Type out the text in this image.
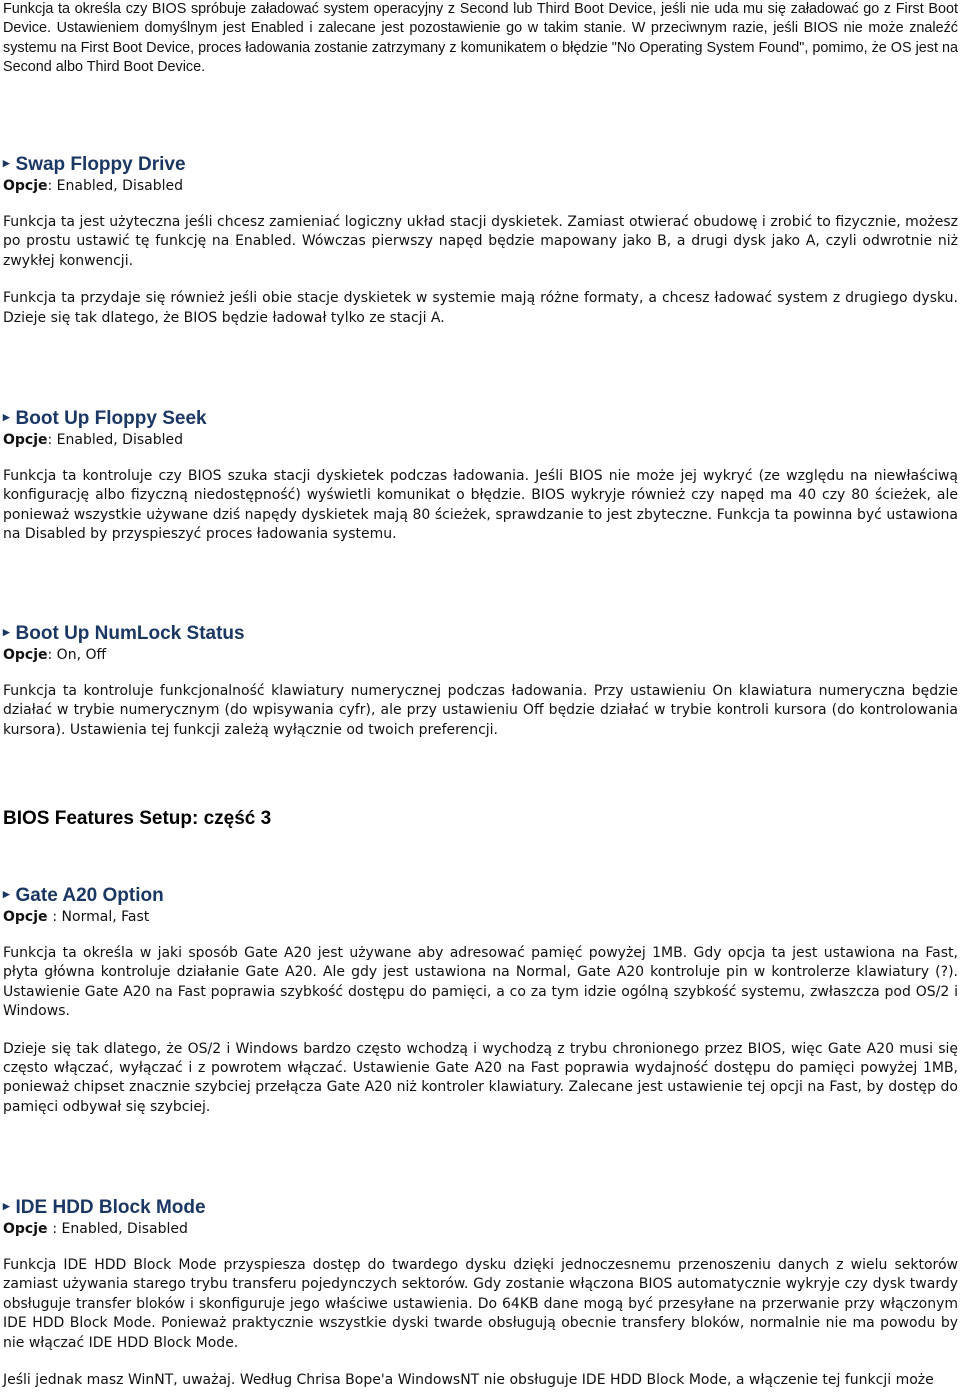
Funkcja ta określa czy BIOS spróbuje załadować system operacyjny z Second lub Third Boot Device, jeśli nie uda mu się załadować go z First Boot Device. Ustawieniem domyślnym jest Enabled i zalecane jest pozostawienie go w takim stanie. W przeciwnym razie, jeśli BIOS nie może znaleźć systemu na First Boot Device, proces ładowania zostanie zatrzymany z komunikatem o błędzie "No Operating System Found", pomimo, że OS jest na Second albo Third Boot Device.

▸ Swap Floppy Drive
Opcje: Enabled, Disabled

Funkcja ta jest użyteczna jeśli chcesz zamieniać logiczny układ stacji dyskietek. Zamiast otwierać obudowę i zrobić to fizycznie, możesz po prostu ustawić tę funkcję na Enabled. Wówczas pierwszy napęd będzie mapowany jako B, a drugi dysk jako A, czyli odwrotnie niż zwykłej konwencji.

Funkcja ta przydaje się również jeśli obie stacje dyskietek w systemie mają różne formaty, a chcesz ładować system z drugiego dysku. Dzieje się tak dlatego, że BIOS będzie ładował tylko ze stacji A.

▸ Boot Up Floppy Seek
Opcje: Enabled, Disabled

Funkcja ta kontroluje czy BIOS szuka stacji dyskietek podczas ładowania. Jeśli BIOS nie może jej wykryć (ze względu na niewłaściwą konfigurację albo fizyczną niedostępność) wyświetli komunikat o błędzie. BIOS wykryje również czy napęd ma 40 czy 80 ścieżek, ale ponieważ wszystkie używane dziś napędy dyskietek mają 80 ścieżek, sprawdzanie to jest zbyteczne. Funkcja ta powinna być ustawiona na Disabled by przyspieszyć proces ładowania systemu.

▸ Boot Up NumLock Status
Opcje: On, Off

Funkcja ta kontroluje funkcjonalność klawiatury numerycznej podczas ładowania. Przy ustawieniu On klawiatura numeryczna będzie działać w trybie numerycznym (do wpisywania cyfr), ale przy ustawieniu Off będzie działać w trybie kontroli kursora (do kontrolowania kursora). Ustawienia tej funkcji zależą wyłącznie od twoich preferencji.

BIOS Features Setup: część 3
▸ Gate A20 Option
Opcje : Normal, Fast

Funkcja ta określa w jaki sposób Gate A20 jest używane aby adresować pamięć powyżej 1MB. Gdy opcja ta jest ustawiona na Fast, płyta główna kontroluje działanie Gate A20. Ale gdy jest ustawiona na Normal, Gate A20 kontroluje pin w kontrolerze klawiatury (?). Ustawienie Gate A20 na Fast poprawia szybkość dostępu do pamięci, a co za tym idzie ogólną szybkość systemu, zwłaszcza pod OS/2 i Windows.

Dzieje się tak dlatego, że OS/2 i Windows bardzo często wchodzą i wychodzą z trybu chronionego przez BIOS, więc Gate A20 musi się często włączać, wyłączać i z powrotem włączać. Ustawienie Gate A20 na Fast poprawia wydajność dostępu do pamięci powyżej 1MB, ponieważ chipset znacznie szybciej przełącza Gate A20 niż kontroler klawiatury. Zalecane jest ustawienie tej opcji na Fast, by dostęp do pamięci odbywał się szybciej.

▸ IDE HDD Block Mode
Opcje : Enabled, Disabled

Funkcja IDE HDD Block Mode przyspiesza dostęp do twardego dysku dzięki jednoczesnemu przenoszeniu danych z wielu sektorów zamiast używania starego trybu transferu pojedynczych sektorów. Gdy zostanie włączona BIOS automatycznie wykryje czy dysk twardy obsługuje transfer bloków i skonfiguruje jego właściwe ustawienia. Do 64KB dane mogą być przesyłane na przerwanie przy włączonym IDE HDD Block Mode. Ponieważ praktycznie wszystkie dyski twarde obsługują obecnie transfery bloków, normalnie nie ma powodu by nie włączać IDE HDD Block Mode.

Jeśli jednak masz WinNT, uważaj. Według Chrisa Bope'a WindowsNT nie obsługuje IDE HDD Block Mode, a włączenie tej funkcji może
